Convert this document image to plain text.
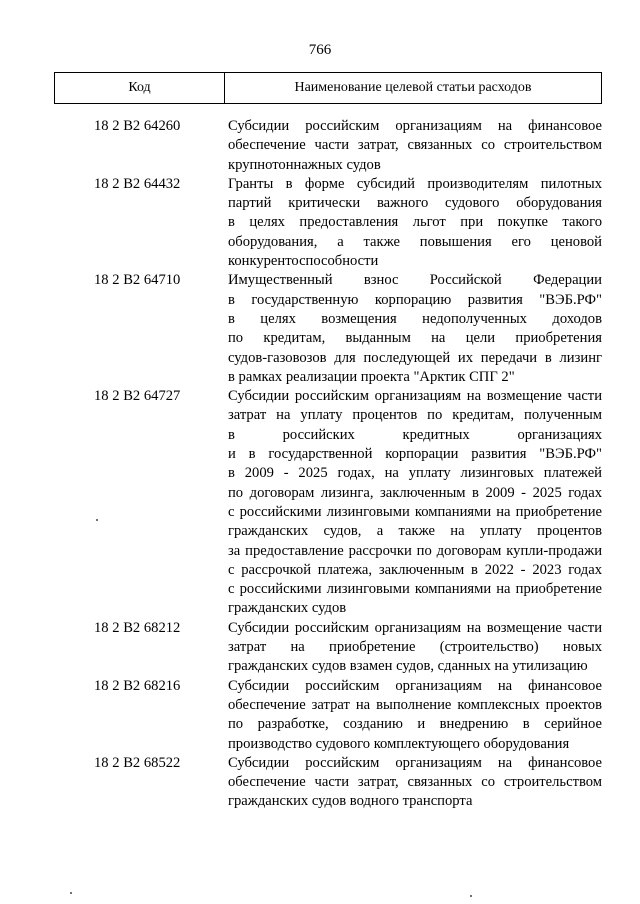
766
Код	Наименование целевой статьи расходов
18 2 В2 64260	Субсидии российским организациям на финансовое
обеспечение части затрат, связанных со строительством
крупнотоннажных судов
18 2 В2 64432	Гранты в форме субсидий производителям пилотных
партий критически важного судового оборудования
в целях предоставления льгот при покупке такого
оборудования, а также повышения его ценовой
конкурентоспособности
18 2 В2 64710	Имущественный взнос Российской Федерации
в государственную корпорацию развития "ВЭБ.РФ"
в целях возмещения недополученных доходов
по кредитам, выданным на цели приобретения
судов-газовозов для последующей их передачи в лизинг
в рамках реализации проекта "Арктик СПГ 2"
18 2 В2 64727	Субсидии российским организациям на возмещение части
затрат на уплату процентов по кредитам, полученным
в российских кредитных организациях
и в государственной корпорации развития "ВЭБ.РФ"
в 2009 - 2025 годах, на уплату лизинговых платежей
по договорам лизинга, заключенным в 2009 - 2025 годах
с российскими лизинговыми компаниями на приобретение
гражданских судов, а также на уплату процентов
за предоставление рассрочки по договорам купли-продажи
с рассрочкой платежа, заключенным в 2022 - 2023 годах
с российскими лизинговыми компаниями на приобретение
гражданских судов
18 2 В2 68212	Субсидии российским организациям на возмещение части
затрат на приобретение (строительство) новых
гражданских судов взамен судов, сданных на утилизацию
18 2 В2 68216	Субсидии российским организациям на финансовое
обеспечение затрат на выполнение комплексных проектов
по разработке, созданию и внедрению в серийное
производство судового комплектующего оборудования
18 2 В2 68522	Субсидии российским организациям на финансовое
обеспечение части затрат, связанных со строительством
гражданских судов водного транспорта
